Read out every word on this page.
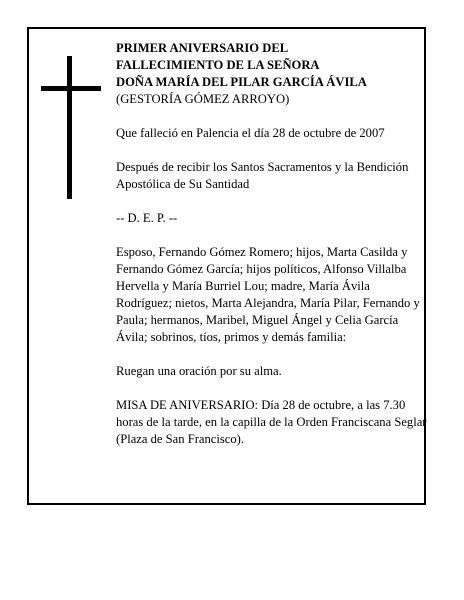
PRIMER ANIVERSARIO DEL
FALLECIMIENTO DE LA SEÑORA
DOÑA MARÍA DEL PILAR GARCÍA ÁVILA
(GESTORÍA GÓMEZ ARROYO)

Que falleció en Palencia el día 28 de octubre de 2007

Después de recibir los Santos Sacramentos y la Bendición Apostólica de Su Santidad

-- D. E. P. --

Esposo, Fernando Gómez Romero; hijos, Marta Casilda y Fernando Gómez García; hijos políticos, Alfonso Villalba Hervella y María Burriel Lou; madre, María Ávila Rodríguez; nietos, Marta Alejandra, María Pilar, Fernando y Paula; hermanos, Maribel, Miguel Ángel y Celia García Ávila; sobrinos, tíos, primos y demás familia:

Ruegan una oración por su alma.

MISA DE ANIVERSARIO: Día 28 de octubre, a las 7.30 horas de la tarde, en la capilla de la Orden Franciscana Seglar (Plaza de San Francisco).
